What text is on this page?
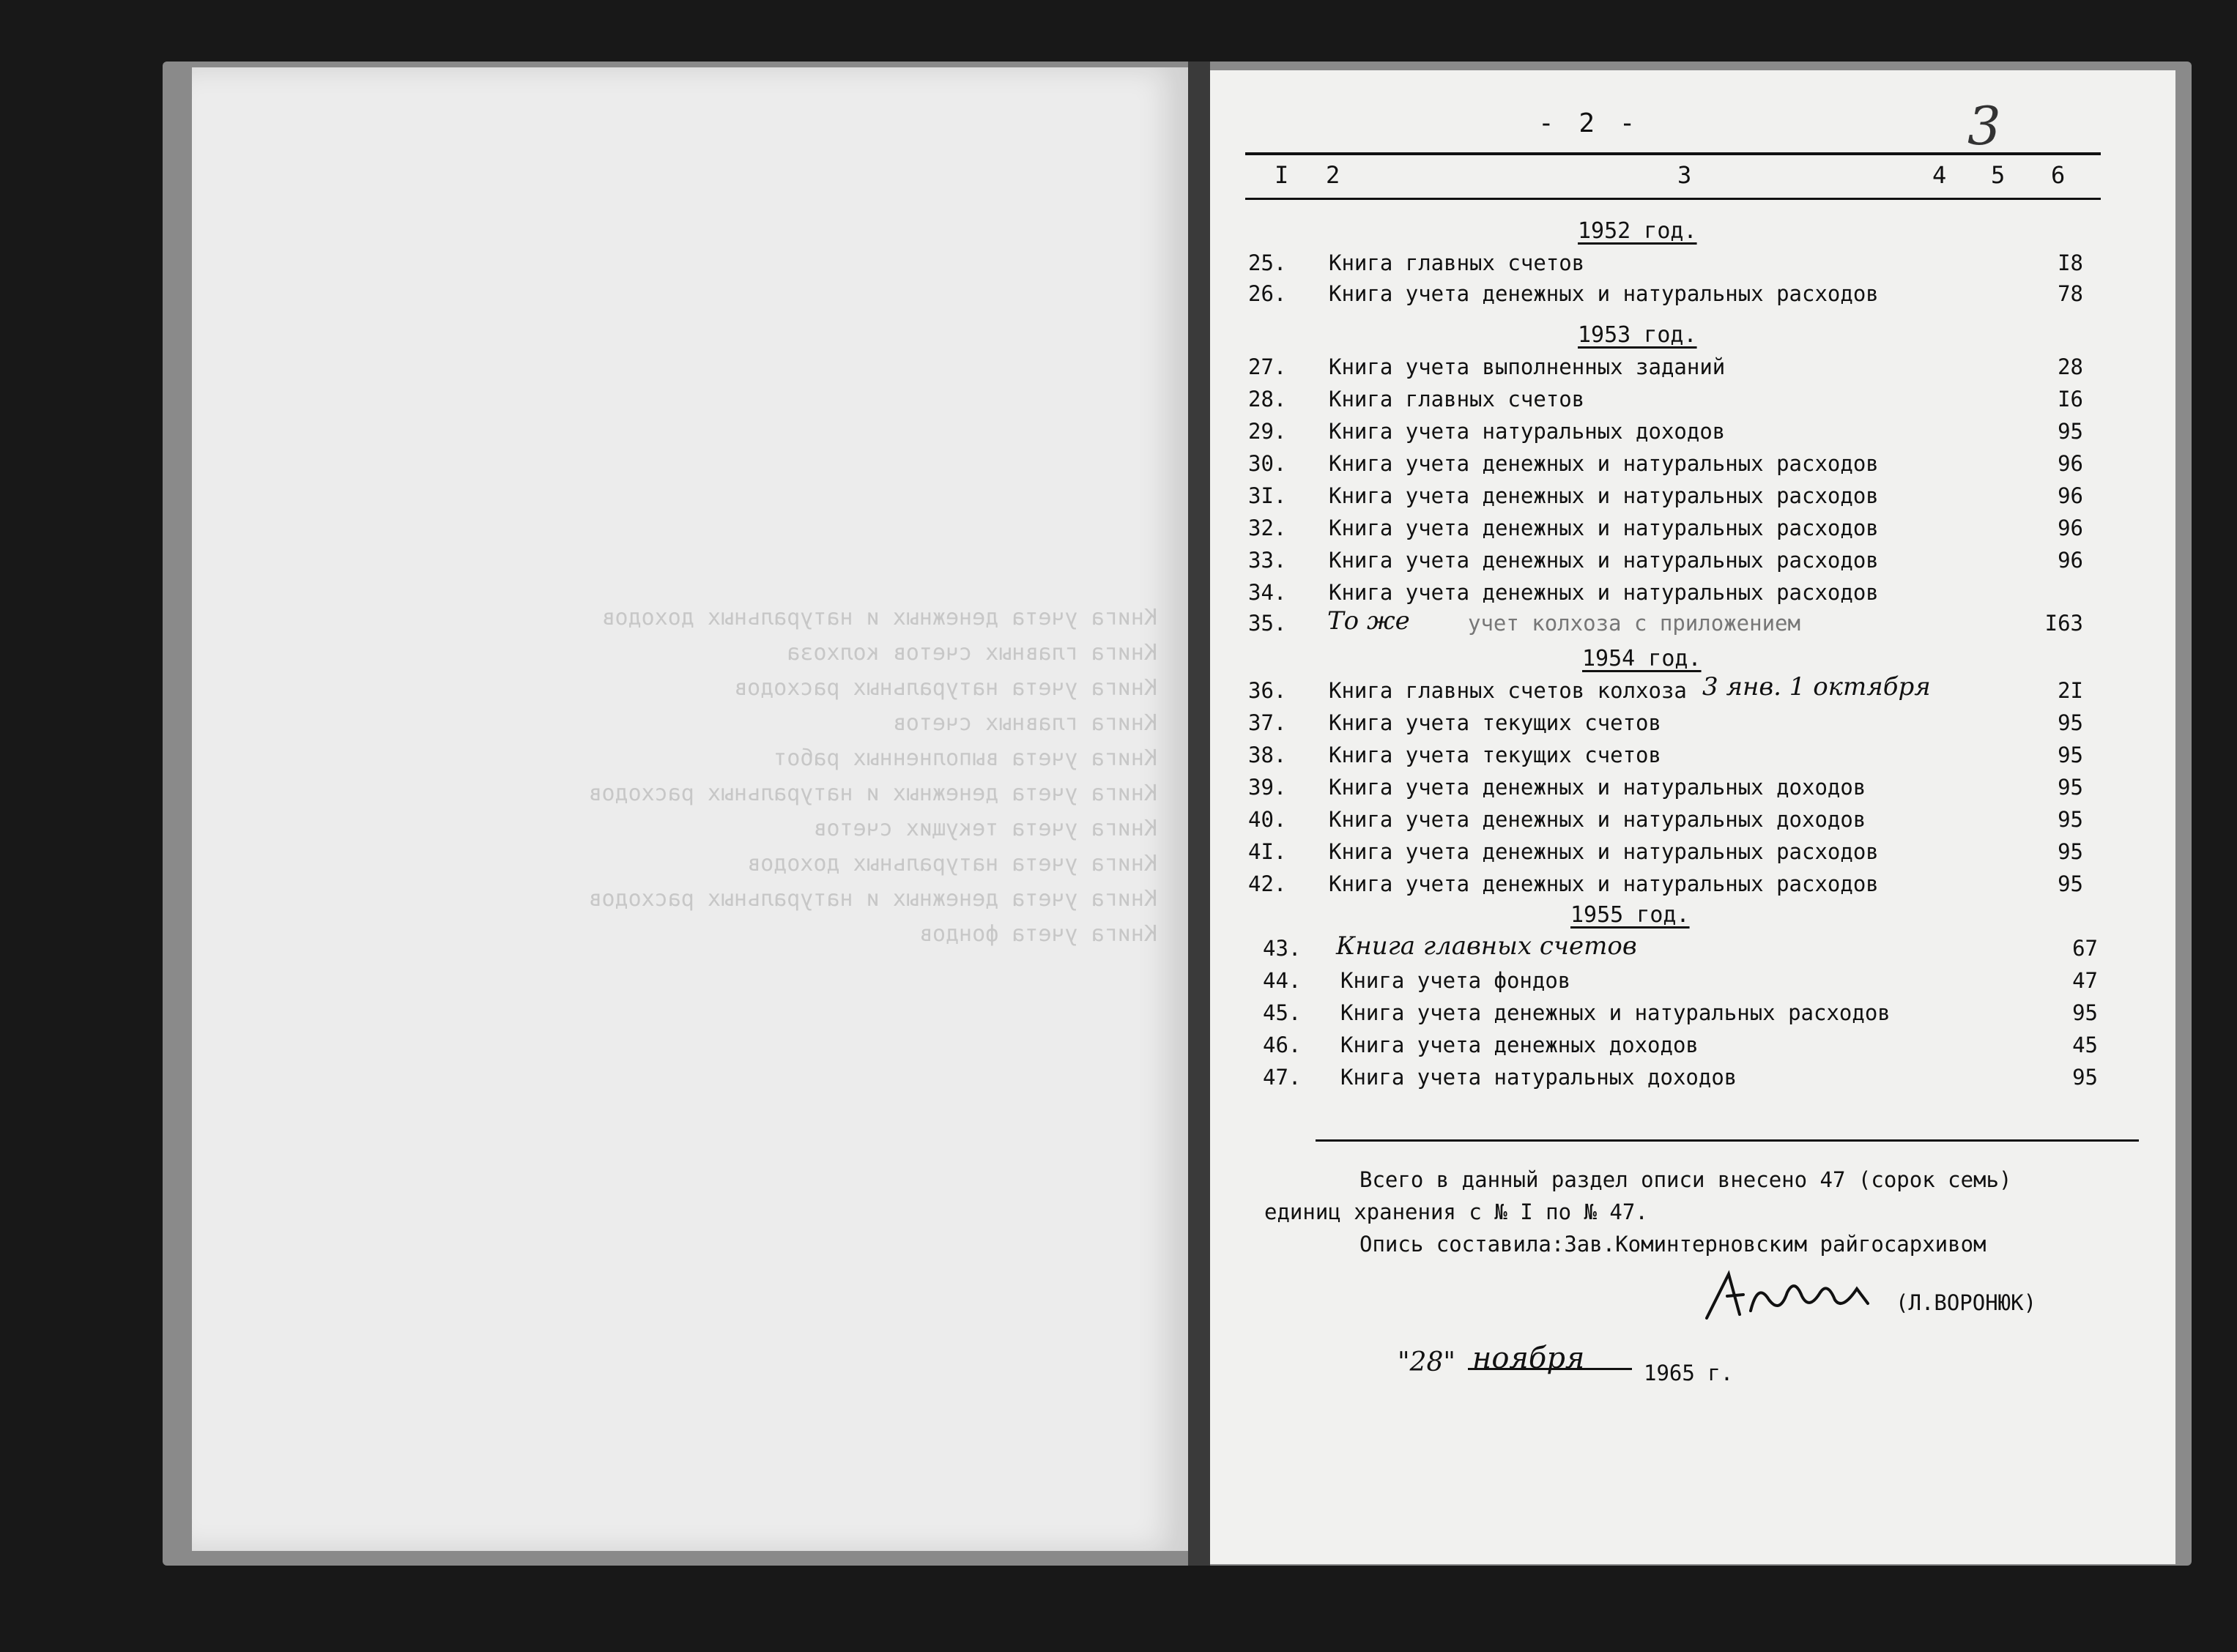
Книга учета денежных и натуральных доходов
Книга главных счетов колхоза
Книга учета натуральных расходов
Книга главных счетов
Книга учета выполненных работ
Книга учета денежных и натуральных расходов
Книга учета текущих счетов
Книга учета натуральных доходов
Книга учета денежных и натуральных расходов
Книга учета фондов
- 2 -	3
I 2	3	4 5 6
1952 год.
25. Книга главных счетов	I8
26. Книга учета денежных и натуральных расходов	78
1953 год.
27. Книга учета выполненных заданий	28
28. Книга главных счетов	I6
29. Книга учета натуральных доходов	95
30. Книга учета денежных и натуральных расходов	96
3I. Книга учета денежных и натуральных расходов	96
32. Книга учета денежных и натуральных расходов	96
33. Книга учета денежных и натуральных расходов	96
34. Книга учета денежных и натуральных расходов
35. То же	учет колхоза с приложением	I63
1954 год.
36. Книга главных счетов колхоза 3 янв. 1 октября	2I
37. Книга учета текущих счетов	95
38. Книга учета текущих счетов	95
39. Книга учета денежных и натуральных доходов	95
40. Книга учета денежных и натуральных доходов	95
4I. Книга учета денежных и натуральных расходов	95
42. Книга учета денежных и натуральных расходов	95
1955 год.
43. Книга главных счетов	67
44. Книга учета фондов	47
45. Книга учета денежных и натуральных расходов	95
46. Книга учета денежных доходов	45
47. Книга учета натуральных доходов	95
Всего в данный раздел описи внесено 47 (сорок семь)
единиц хранения с № I по № 47.
Опись составила:Зав.Коминтерновским райгосархивом
(Л.ВОРОНЮК)
"28" ноября	1965 г.
